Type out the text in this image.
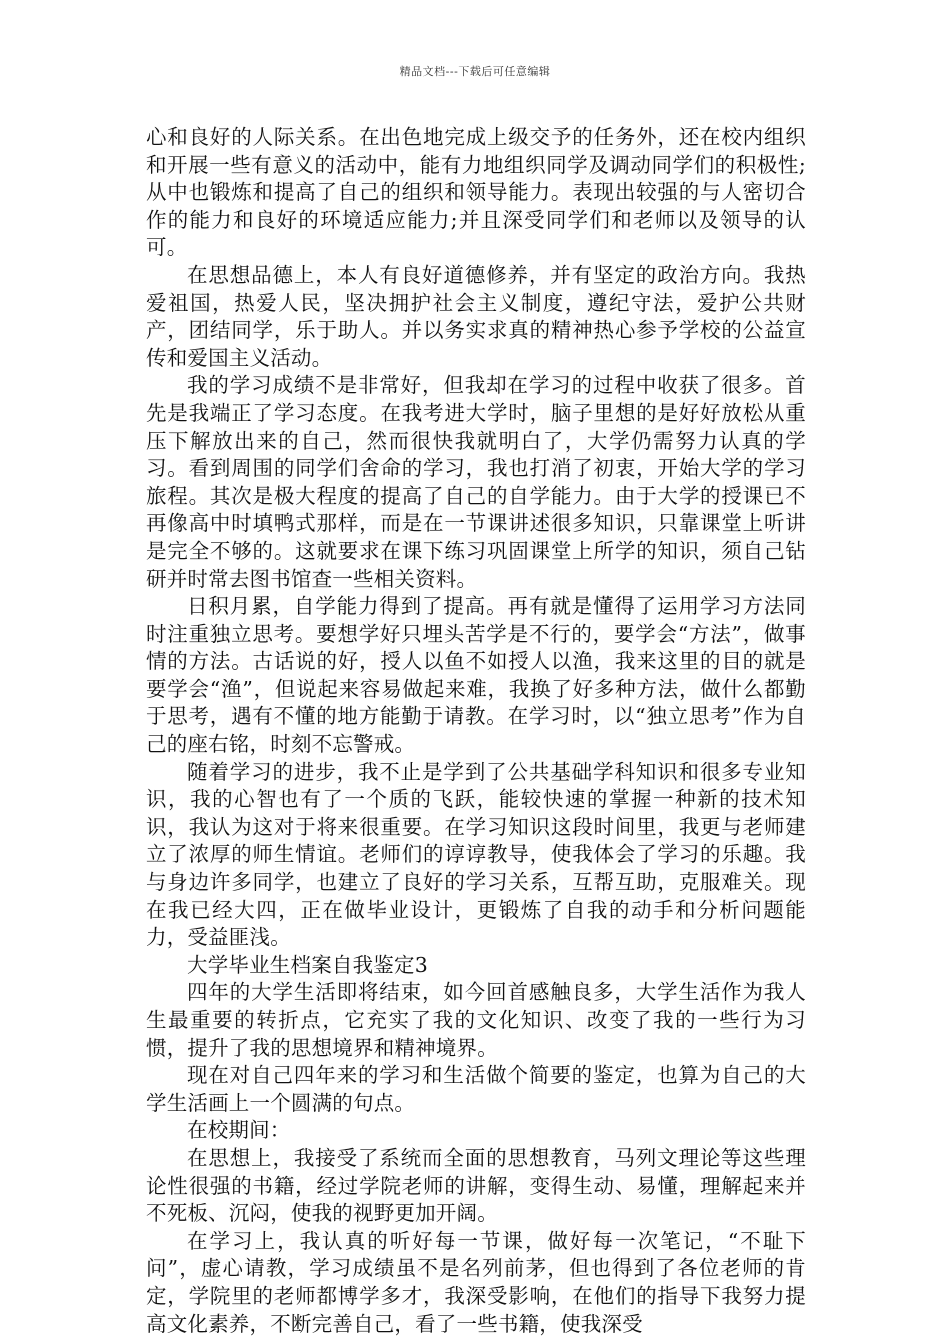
精品文档---下载后可任意编辑

心和良好的人际关系。在出色地完成上级交予的任务外，还在校内组织和开展一些有意义的活动中，能有力地组织同学及调动同学们的积极性;从中也锻炼和提高了自己的组织和领导能力。表现出较强的与人密切合作的能力和良好的环境适应能力;并且深受同学们和老师以及领导的认可。

在思想品德上，本人有良好道德修养，并有坚定的政治方向。我热爱祖国，热爱人民，坚决拥护社会主义制度，遵纪守法，爱护公共财产，团结同学，乐于助人。并以务实求真的精神热心参予学校的公益宣传和爱国主义活动。

我的学习成绩不是非常好，但我却在学习的过程中收获了很多。首先是我端正了学习态度。在我考进大学时，脑子里想的是好好放松从重压下解放出来的自己，然而很快我就明白了，大学仍需努力认真的学习。看到周围的同学们舍命的学习，我也打消了初衷，开始大学的学习旅程。其次是极大程度的提高了自己的自学能力。由于大学的授课已不再像高中时填鸭式那样，而是在一节课讲述很多知识，只靠课堂上听讲是完全不够的。这就要求在课下练习巩固课堂上所学的知识，须自己钻研并时常去图书馆查一些相关资料。

日积月累，自学能力得到了提高。再有就是懂得了运用学习方法同时注重独立思考。要想学好只埋头苦学是不行的，要学会“方法”，做事情的方法。古话说的好，授人以鱼不如授人以渔，我来这里的目的就是要学会“渔”，但说起来容易做起来难，我换了好多种方法，做什么都勤于思考，遇有不懂的地方能勤于请教。在学习时，以“独立思考”作为自己的座右铭，时刻不忘警戒。

随着学习的进步，我不止是学到了公共基础学科知识和很多专业知识，我的心智也有了一个质的飞跃，能较快速的掌握一种新的技术知识，我认为这对于将来很重要。在学习知识这段时间里，我更与老师建立了浓厚的师生情谊。老师们的谆谆教导，使我体会了学习的乐趣。我与身边许多同学，也建立了良好的学习关系，互帮互助，克服难关。现在我已经大四，正在做毕业设计，更锻炼了自我的动手和分析问题能力，受益匪浅。

大学毕业生档案自我鉴定3

四年的大学生活即将结束，如今回首感触良多，大学生活作为我人生最重要的转折点，它充实了我的文化知识、改变了我的一些行为习惯，提升了我的思想境界和精神境界。

现在对自己四年来的学习和生活做个简要的鉴定，也算为自己的大学生活画上一个圆满的句点。

在校期间：

在思想上，我接受了系统而全面的思想教育，马列文理论等这些理论性很强的书籍，经过学院老师的讲解，变得生动、易懂，理解起来并不死板、沉闷，使我的视野更加开阔。

在学习上，我认真的听好每一节课，做好每一次笔记，“不耻下问”，虚心请教，学习成绩虽不是名列前茅，但也得到了各位老师的肯定，学院里的老师都博学多才，我深受影响，在他们的指导下我努力提高文化素养，不断完善自己，看了一些书籍，使我深受
